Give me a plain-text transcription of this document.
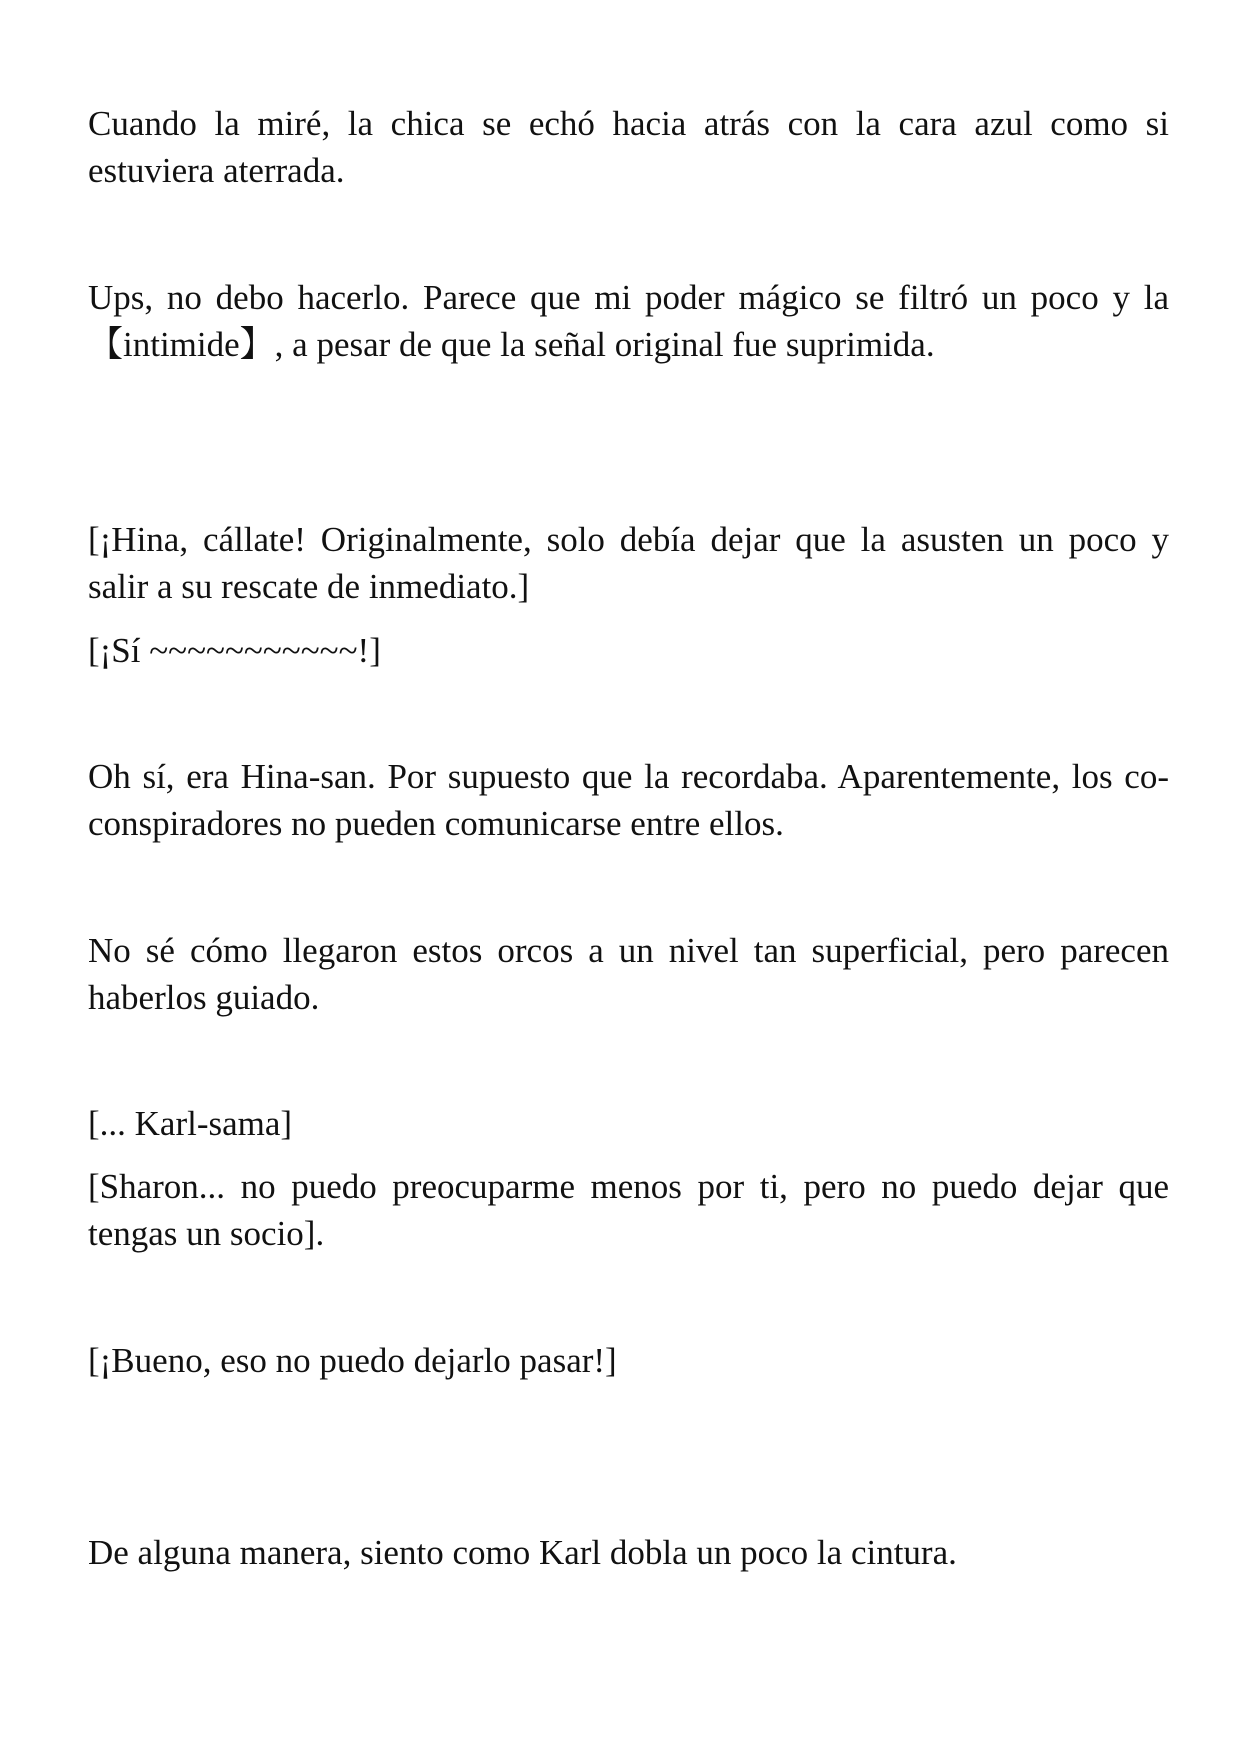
Cuando la miré, la chica se echó hacia atrás con la cara azul como si estuviera aterrada.

Ups, no debo hacerlo. Parece que mi poder mágico se filtró un poco y la【intimide】, a pesar de que la señal original fue suprimida.

[¡Hina, cállate! Originalmente, solo debía dejar que la asusten un poco y salir a su rescate de inmediato.]

[¡Sí ~~~~~~~~~~~!]

Oh sí, era Hina-san. Por supuesto que la recordaba. Aparentemente, los co-conspiradores no pueden comunicarse entre ellos.

No sé cómo llegaron estos orcos a un nivel tan superficial, pero parecen haberlos guiado.

[... Karl-sama]

[Sharon... no puedo preocuparme menos por ti, pero no puedo dejar que tengas un socio].

[¡Bueno, eso no puedo dejarlo pasar!]

De alguna manera, siento como Karl dobla un poco la cintura.
